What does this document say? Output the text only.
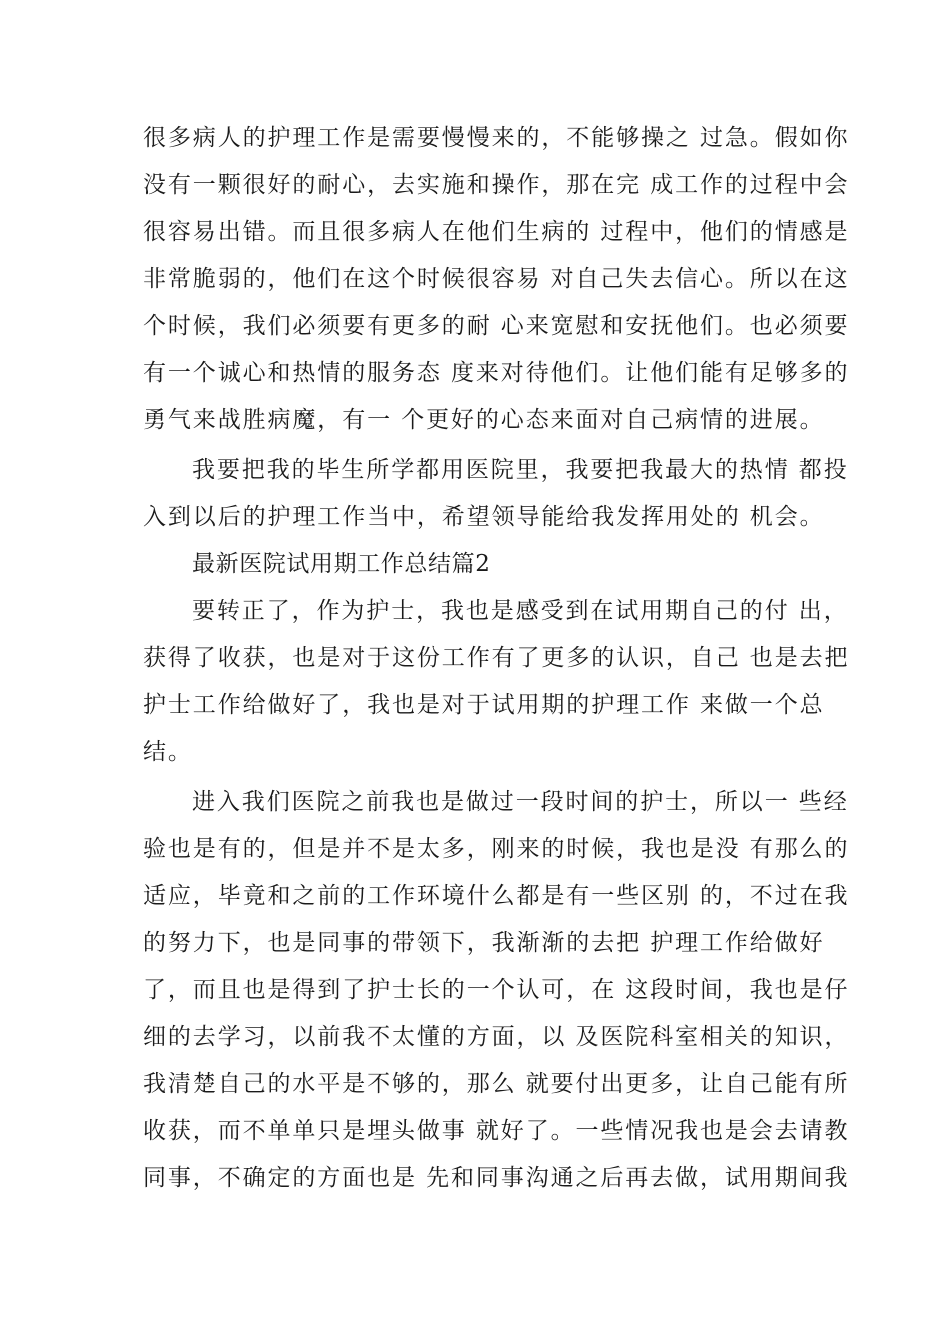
很多病人的护理工作是需要慢慢来的，不能够操之 过急。假如你

没有一颗很好的耐心，去实施和操作，那在完 成工作的过程中会

很容易出错。而且很多病人在他们生病的 过程中，他们的情感是

非常脆弱的，他们在这个时候很容易 对自己失去信心。所以在这

个时候，我们必须要有更多的耐 心来宽慰和安抚他们。也必须要

有一个诚心和热情的服务态 度来对待他们。让他们能有足够多的

勇气来战胜病魔，有一 个更好的心态来面对自己病情的进展。

我要把我的毕生所学都用医院里，我要把我最大的热情 都投

入到以后的护理工作当中，希望领导能给我发挥用处的 机会。

最新医院试用期工作总结篇2

要转正了，作为护士，我也是感受到在试用期自己的付 出，

获得了收获，也是对于这份工作有了更多的认识，自己 也是去把

护士工作给做好了，我也是对于试用期的护理工作 来做一个总

结。

进入我们医院之前我也是做过一段时间的护士，所以一 些经

验也是有的，但是并不是太多，刚来的时候，我也是没 有那么的

适应，毕竟和之前的工作环境什么都是有一些区别 的，不过在我

的努力下，也是同事的带领下，我渐渐的去把 护理工作给做好

了，而且也是得到了护士长的一个认可，在 这段时间，我也是仔

细的去学习，以前我不太懂的方面，以 及医院科室相关的知识，

我清楚自己的水平是不够的，那么 就要付出更多，让自己能有所

收获，而不单单只是埋头做事 就好了。一些情况我也是会去请教

同事，不确定的方面也是 先和同事沟通之后再去做，试用期间我
